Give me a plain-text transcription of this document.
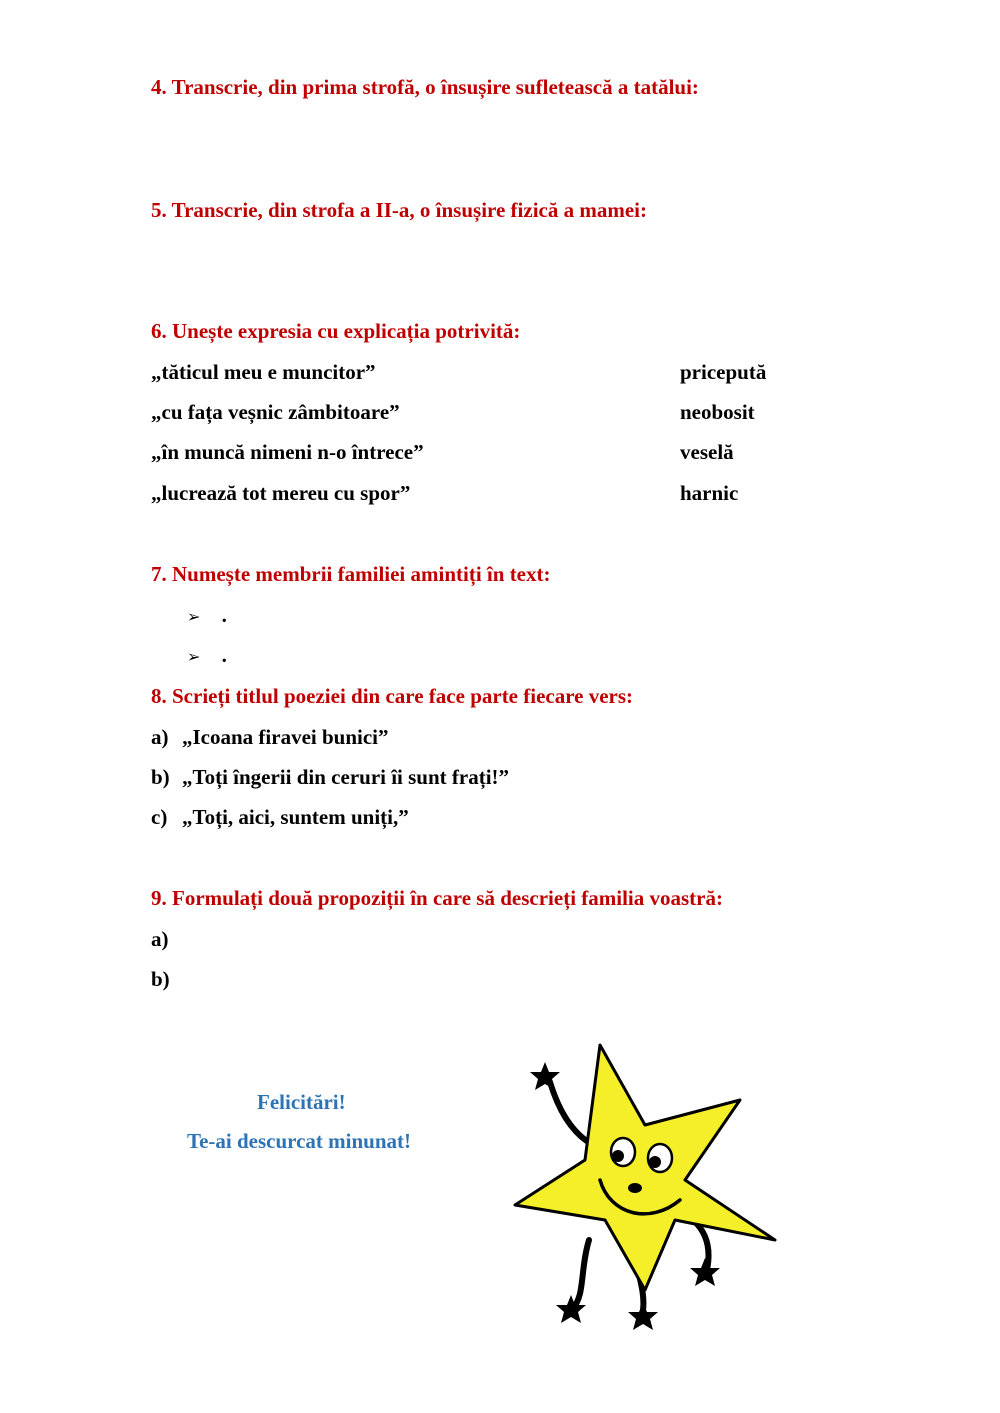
4. Transcrie, din prima strofă, o însușire sufletească a tatălui:
5. Transcrie, din strofa a II-a, o însușire fizică a mamei:
6. Unește expresia cu explicația potrivită:
„tăticul meu e muncitor”
„cu fața veșnic zâmbitoare”
„în muncă nimeni n-o întrece”
„lucrează tot mereu cu spor”
pricepută
neobosit
veselă
harnic
7. Numește membrii familiei amintiți în text:
➢ .
➢ .
8. Scrieți titlul poeziei din care face parte fiecare vers:
a) „Icoana firavei bunici”
b) „Toți îngerii din ceruri îi sunt frați!”
c) „Toți, aici, suntem uniți,”
9. Formulați două propoziții în care să descrieți familia voastră:
a)
b)
Felicitări!
Te-ai descurcat minunat!
